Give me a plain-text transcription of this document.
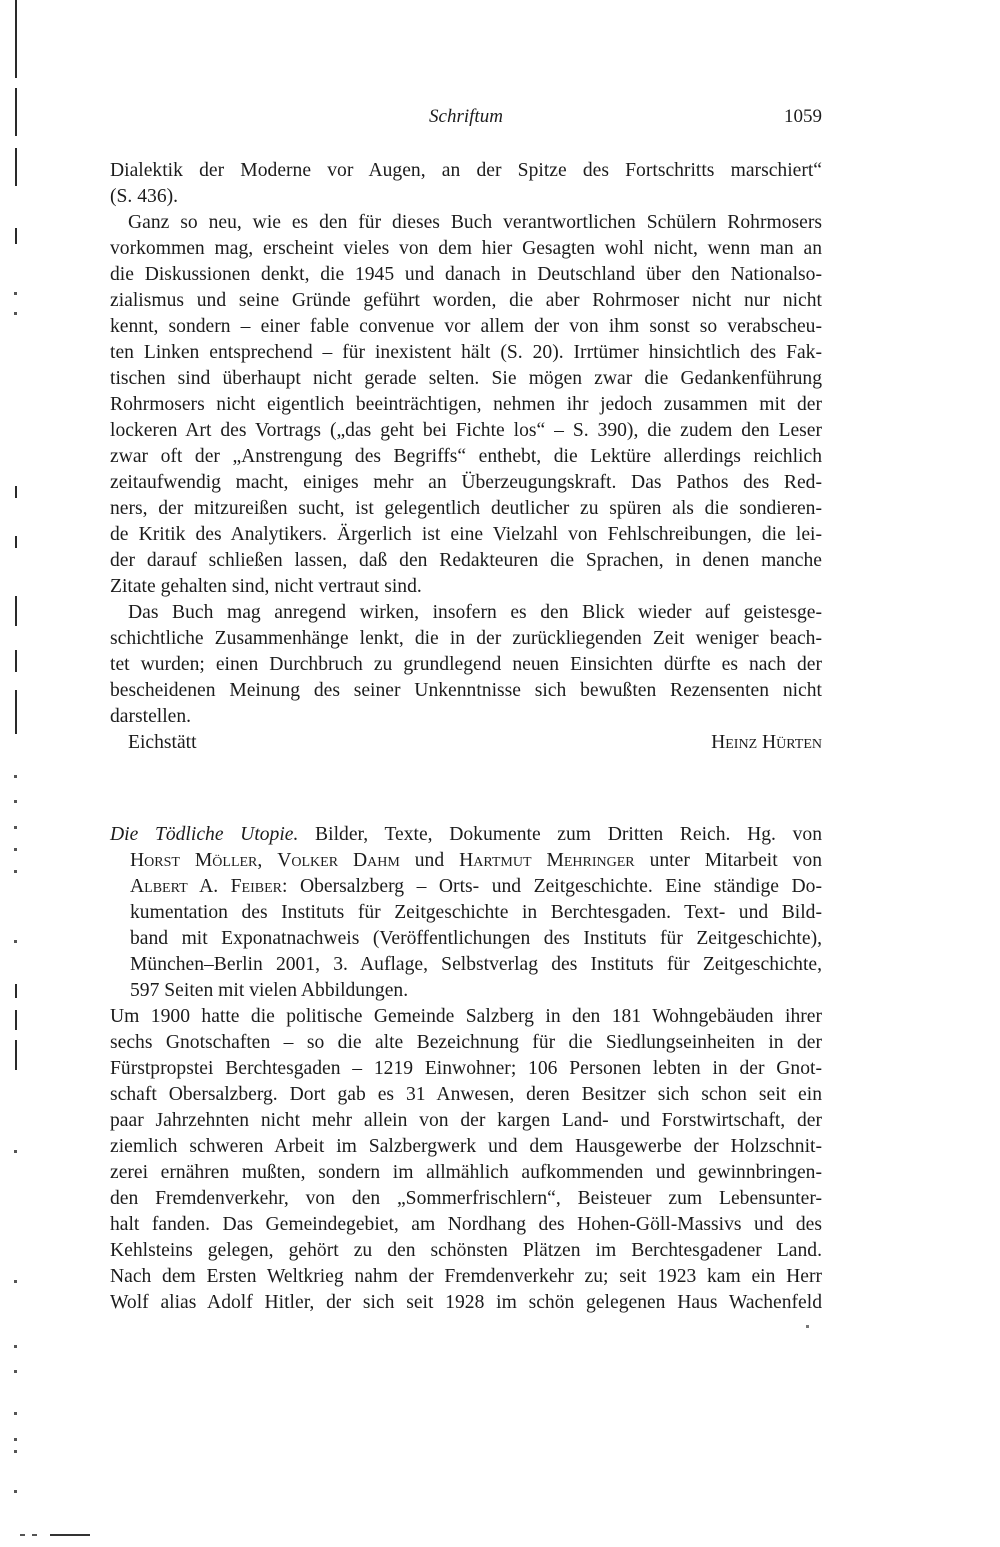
Schriftum	1059
Dialektik der Moderne vor Augen, an der Spitze des Fortschritts marschiert“
(S. 436).
Ganz so neu, wie es den für dieses Buch verantwortlichen Schülern Rohrmosers
vorkommen mag, erscheint vieles von dem hier Gesagten wohl nicht, wenn man an
die Diskussionen denkt, die 1945 und danach in Deutschland über den Nationalso-
zialismus und seine Gründe geführt worden, die aber Rohrmoser nicht nur nicht
kennt, sondern – einer fable convenue vor allem der von ihm sonst so verabscheu-
ten Linken entsprechend – für inexistent hält (S. 20). Irrtümer hinsichtlich des Fak-
tischen sind überhaupt nicht gerade selten. Sie mögen zwar die Gedankenführung
Rohrmosers nicht eigentlich beeinträchtigen, nehmen ihr jedoch zusammen mit der
lockeren Art des Vortrags („das geht bei Fichte los“ – S. 390), die zudem den Leser
zwar oft der „Anstrengung des Begriffs“ enthebt, die Lektüre allerdings reichlich
zeitaufwendig macht, einiges mehr an Überzeugungskraft. Das Pathos des Red-
ners, der mitzureißen sucht, ist gelegentlich deutlicher zu spüren als die sondieren-
de Kritik des Analytikers. Ärgerlich ist eine Vielzahl von Fehlschreibungen, die lei-
der darauf schließen lassen, daß den Redakteuren die Sprachen, in denen manche
Zitate gehalten sind, nicht vertraut sind.
Das Buch mag anregend wirken, insofern es den Blick wieder auf geistesge-
schichtliche Zusammenhänge lenkt, die in der zurückliegenden Zeit weniger beach-
tet wurden; einen Durchbruch zu grundlegend neuen Einsichten dürfte es nach der
bescheidenen Meinung des seiner Unkenntnisse sich bewußten Rezensenten nicht
darstellen.
Eichstätt	Heinz Hürten
Die Tödliche Utopie. Bilder, Texte, Dokumente zum Dritten Reich. Hg. von
Horst Möller, Volker Dahm und Hartmut Mehringer unter Mitarbeit von
Albert A. Feiber: Obersalzberg – Orts- und Zeitgeschichte. Eine ständige Do-
kumentation des Instituts für Zeitgeschichte in Berchtesgaden. Text- und Bild-
band mit Exponatnachweis (Veröffentlichungen des Instituts für Zeitgeschichte),
München–Berlin 2001, 3. Auflage, Selbstverlag des Instituts für Zeitgeschichte,
597 Seiten mit vielen Abbildungen.
Um 1900 hatte die politische Gemeinde Salzberg in den 181 Wohngebäuden ihrer
sechs Gnotschaften – so die alte Bezeichnung für die Siedlungseinheiten in der
Fürstpropstei Berchtesgaden – 1219 Einwohner; 106 Personen lebten in der Gnot-
schaft Obersalzberg. Dort gab es 31 Anwesen, deren Besitzer sich schon seit ein
paar Jahrzehnten nicht mehr allein von der kargen Land- und Forstwirtschaft, der
ziemlich schweren Arbeit im Salzbergwerk und dem Hausgewerbe der Holzschnit-
zerei ernähren mußten, sondern im allmählich aufkommenden und gewinnbringen-
den Fremdenverkehr, von den „Sommerfrischlern“, Beisteuer zum Lebensunter-
halt fanden. Das Gemeindegebiet, am Nordhang des Hohen-Göll-Massivs und des
Kehlsteins gelegen, gehört zu den schönsten Plätzen im Berchtesgadener Land.
Nach dem Ersten Weltkrieg nahm der Fremdenverkehr zu; seit 1923 kam ein Herr
Wolf alias Adolf Hitler, der sich seit 1928 im schön gelegenen Haus Wachenfeld
